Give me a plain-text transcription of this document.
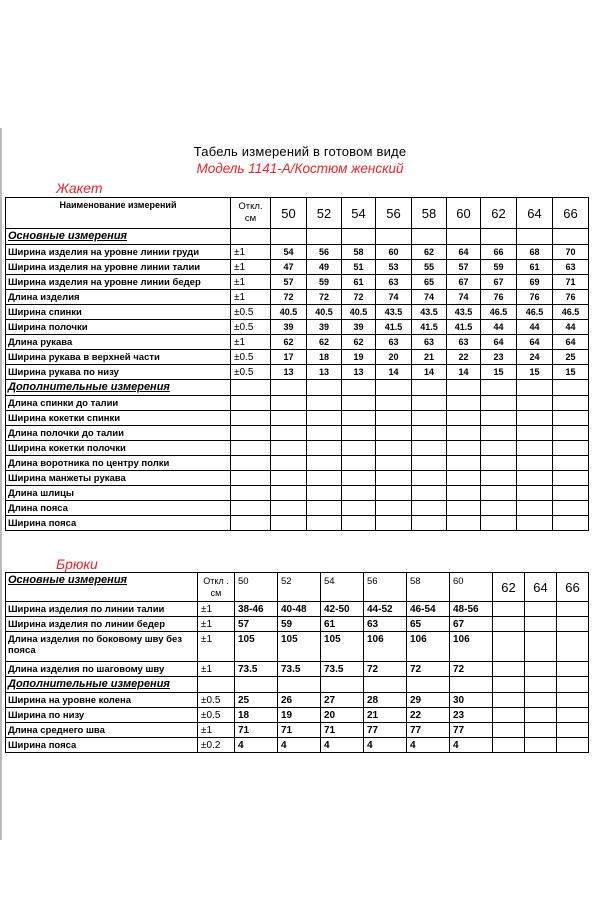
Табель измерений в готовом виде
Модель 1141-А/Костюм женский
Жакет
Наименование измерений	Откл.
см	50	52	54	56	58	60	62	64	66
Основные измерения										
Ширина изделия на уровне линии груди	±1	54	56	58	60	62	64	66	68	70
Ширина изделия на уровне линии талии	±1	47	49	51	53	55	57	59	61	63
Ширина изделия на уровне линии бедер	±1	57	59	61	63	65	67	67	69	71
Длина изделия	±1	72	72	72	74	74	74	76	76	76
Ширина спинки	±0.5	40.5	40.5	40.5	43.5	43.5	43.5	46.5	46.5	46.5
Ширина полочки	±0.5	39	39	39	41.5	41.5	41.5	44	44	44
Длина рукава	±1	62	62	62	63	63	63	64	64	64
Ширина рукава в верхней части	±0.5	17	18	19	20	21	22	23	24	25
Ширина рукава по низу	±0.5	13	13	13	14	14	14	15	15	15
Дополнительные измерения										
Длина спинки до талии										
Ширина кокетки спинки										
Длина полочки до талии										
Ширина кокетки полочки										
Длина воротника по центру полки										
Ширина манжеты рукава										
Длина шлицы										
Длина пояса										
Ширина пояса										
Брюки
Основные измерения	Откл . см	50	52	54	56	58	60	62	64	66
Ширина изделия по линии талии	±1	38-46	40-48	42-50	44-52	46-54	48-56			
Ширина изделия по линии бедер	±1	57	59	61	63	65	67			
Длина изделия по боковому шву без пояса	±1	105	105	105	106	106	106			
Длина изделия по шаговому шву	±1	73.5	73.5	73.5	72	72	72			
Дополнительные измерения										
Ширина на уровне колена	±0.5	25	26	27	28	29	30			
Ширина по низу	±0.5	18	19	20	21	22	23			
Длина среднего шва	±1	71	71	71	77	77	77			
Ширина пояса	±0.2	4	4	4	4	4	4			
